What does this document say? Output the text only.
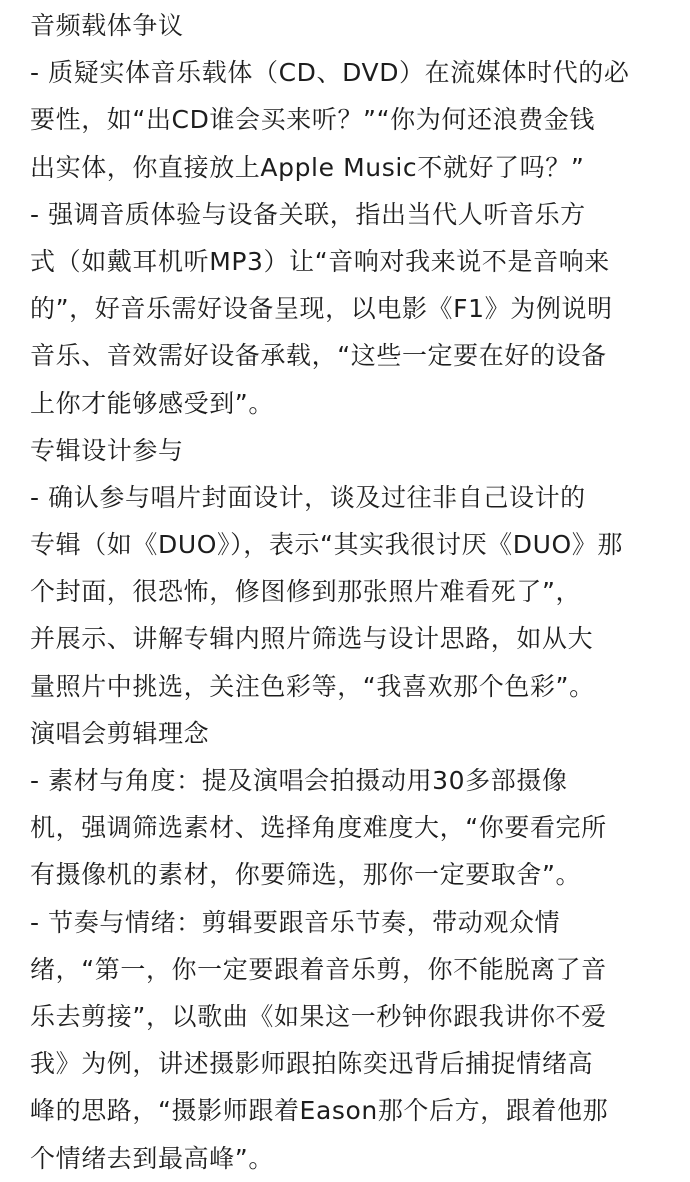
音频载体争议
- 质疑实体音乐载体（CD、DVD）在流媒体时代的必
要性，如“出CD谁会买来听？”“你为何还浪费金钱
出实体，你直接放上Apple Music不就好了吗？”
- 强调音质体验与设备关联，指出当代人听音乐方
式（如戴耳机听MP3）让“音响对我来说不是音响来
的”，好音乐需好设备呈现，以电影《F1》为例说明
音乐、音效需好设备承载，“这些一定要在好的设备
上你才能够感受到”。
专辑设计参与
- 确认参与唱片封面设计，谈及过往非自己设计的
专辑（如《DUO》），表示“其实我很讨厌《DUO》那
个封面，很恐怖，修图修到那张照片难看死了”，
并展示、讲解专辑内照片筛选与设计思路，如从大
量照片中挑选，关注色彩等，“我喜欢那个色彩”。
演唱会剪辑理念
- 素材与角度：提及演唱会拍摄动用30多部摄像
机，强调筛选素材、选择角度难度大，“你要看完所
有摄像机的素材，你要筛选，那你一定要取舍”。
- 节奏与情绪：剪辑要跟音乐节奏，带动观众情
绪，“第一，你一定要跟着音乐剪，你不能脱离了音
乐去剪接”，以歌曲《如果这一秒钟你跟我讲你不爱
我》为例，讲述摄影师跟拍陈奕迅背后捕捉情绪高
峰的思路，“摄影师跟着Eason那个后方，跟着他那
个情绪去到最高峰”。
